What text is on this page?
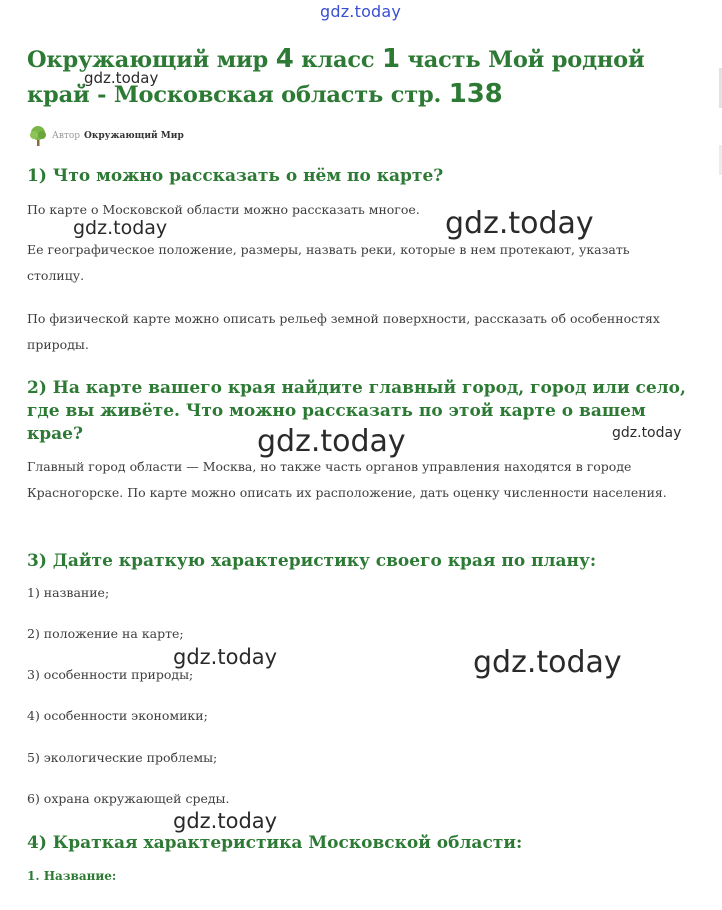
gdz.today
Окружающий мир 4 класс 1 часть Мой родной край - Московская область стр. 138
gdz.today
Автор Окружающий Мир
1) Что можно рассказать о нём по карте?
По карте о Московской области можно рассказать многое.
gdz.today	gdz.today
Ее географическое положение, размеры, назвать реки, которые в нем протекают, указать столицу.
По физической карте можно описать рельеф земной поверхности, рассказать об особенностях природы.
2) На карте вашего края найдите главный город, город или село, где вы живёте. Что можно рассказать по этой карте о вашем крае?	gdz.today	gdz.today
Главный город области — Москва, но также часть органов управления находятся в городе Красногорске. По карте можно описать их расположение, дать оценку численности населения.
3) Дайте краткую характеристику своего края по плану:
1) название;
2) положение на карте;
gdz.today	gdz.today
3) особенности природы;
4) особенности экономики;
5) экологические проблемы;
6) охрана окружающей среды.
gdz.today
4) Краткая характеристика Московской области:
1. Название:
